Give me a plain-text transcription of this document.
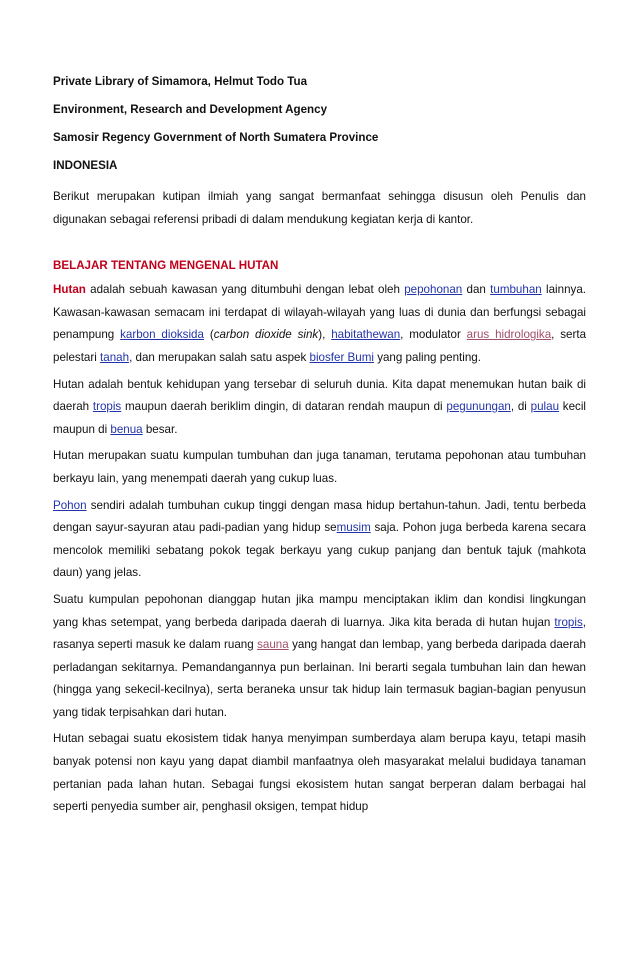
Private Library of Simamora, Helmut Todo Tua
Environment, Research and Development Agency
Samosir Regency Government of North Sumatera Province
INDONESIA

Berikut merupakan kutipan ilmiah yang sangat bermanfaat sehingga disusun oleh Penulis dan digunakan sebagai referensi pribadi di dalam mendukung kegiatan kerja di kantor.

BELAJAR TENTANG MENGENAL HUTAN

Hutan adalah sebuah kawasan yang ditumbuhi dengan lebat oleh pepohonan dan tumbuhan lainnya. Kawasan-kawasan semacam ini terdapat di wilayah-wilayah yang luas di dunia dan berfungsi sebagai penampung karbon dioksida (carbon dioxide sink), habitathewan, modulator arus hidrologika, serta pelestari tanah, dan merupakan salah satu aspek biosfer Bumi yang paling penting.

Hutan adalah bentuk kehidupan yang tersebar di seluruh dunia. Kita dapat menemukan hutan baik di daerah tropis maupun daerah beriklim dingin, di dataran rendah maupun di pegunungan, di pulau kecil maupun di benua besar.

Hutan merupakan suatu kumpulan tumbuhan dan juga tanaman, terutama pepohonan atau tumbuhan berkayu lain, yang menempati daerah yang cukup luas.

Pohon sendiri adalah tumbuhan cukup tinggi dengan masa hidup bertahun-tahun. Jadi, tentu berbeda dengan sayur-sayuran atau padi-padian yang hidup semusim saja. Pohon juga berbeda karena secara mencolok memiliki sebatang pokok tegak berkayu yang cukup panjang dan bentuk tajuk (mahkota daun) yang jelas.

Suatu kumpulan pepohonan dianggap hutan jika mampu menciptakan iklim dan kondisi lingkungan yang khas setempat, yang berbeda daripada daerah di luarnya. Jika kita berada di hutan hujan tropis, rasanya seperti masuk ke dalam ruang sauna yang hangat dan lembap, yang berbeda daripada daerah perladangan sekitarnya. Pemandangannya pun berlainan. Ini berarti segala tumbuhan lain dan hewan (hingga yang sekecil-kecilnya), serta beraneka unsur tak hidup lain termasuk bagian-bagian penyusun yang tidak terpisahkan dari hutan.

Hutan sebagai suatu ekosistem tidak hanya menyimpan sumberdaya alam berupa kayu, tetapi masih banyak potensi non kayu yang dapat diambil manfaatnya oleh masyarakat melalui budidaya tanaman pertanian pada lahan hutan. Sebagai fungsi ekosistem hutan sangat berperan dalam berbagai hal seperti penyedia sumber air, penghasil oksigen, tempat hidup
